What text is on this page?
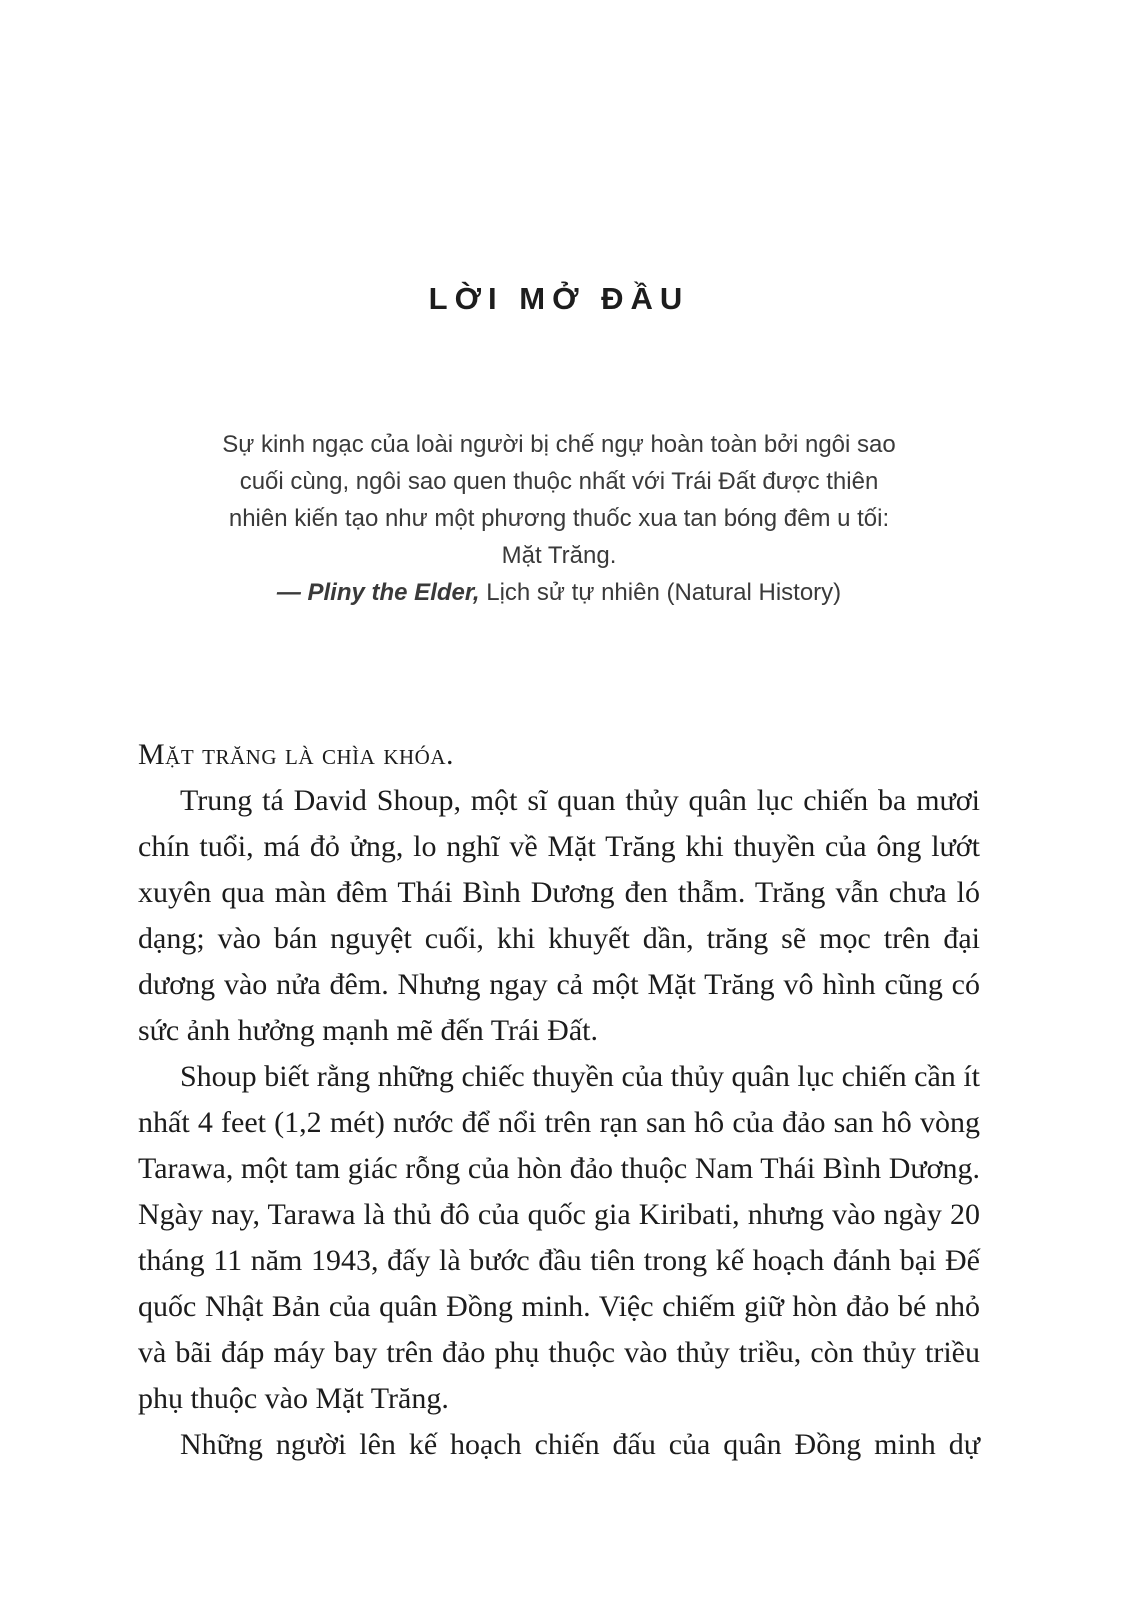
LỜI MỞ ĐẦU
Sự kinh ngạc của loài người bị chế ngự hoàn toàn bởi ngôi sao
cuối cùng, ngôi sao quen thuộc nhất với Trái Đất được thiên
nhiên kiến tạo như một phương thuốc xua tan bóng đêm u tối:
Mặt Trăng.
— Pliny the Elder, Lịch sử tự nhiên (Natural History)

Mặt trăng là chìa khóa.

Trung tá David Shoup, một sĩ quan thủy quân lục chiến ba mươi chín tuổi, má đỏ ửng, lo nghĩ về Mặt Trăng khi thuyền của ông lướt xuyên qua màn đêm Thái Bình Dương đen thẫm. Trăng vẫn chưa ló dạng; vào bán nguyệt cuối, khi khuyết dần, trăng sẽ mọc trên đại dương vào nửa đêm. Nhưng ngay cả một Mặt Trăng vô hình cũng có sức ảnh hưởng mạnh mẽ đến Trái Đất.

Shoup biết rằng những chiếc thuyền của thủy quân lục chiến cần ít nhất 4 feet (1,2 mét) nước để nổi trên rạn san hô của đảo san hô vòng Tarawa, một tam giác rỗng của hòn đảo thuộc Nam Thái Bình Dương. Ngày nay, Tarawa là thủ đô của quốc gia Kiribati, nhưng vào ngày 20 tháng 11 năm 1943, đấy là bước đầu tiên trong kế hoạch đánh bại Đế quốc Nhật Bản của quân Đồng minh. Việc chiếm giữ hòn đảo bé nhỏ và bãi đáp máy bay trên đảo phụ thuộc vào thủy triều, còn thủy triều phụ thuộc vào Mặt Trăng.

Những người lên kế hoạch chiến đấu của quân Đồng minh dự
